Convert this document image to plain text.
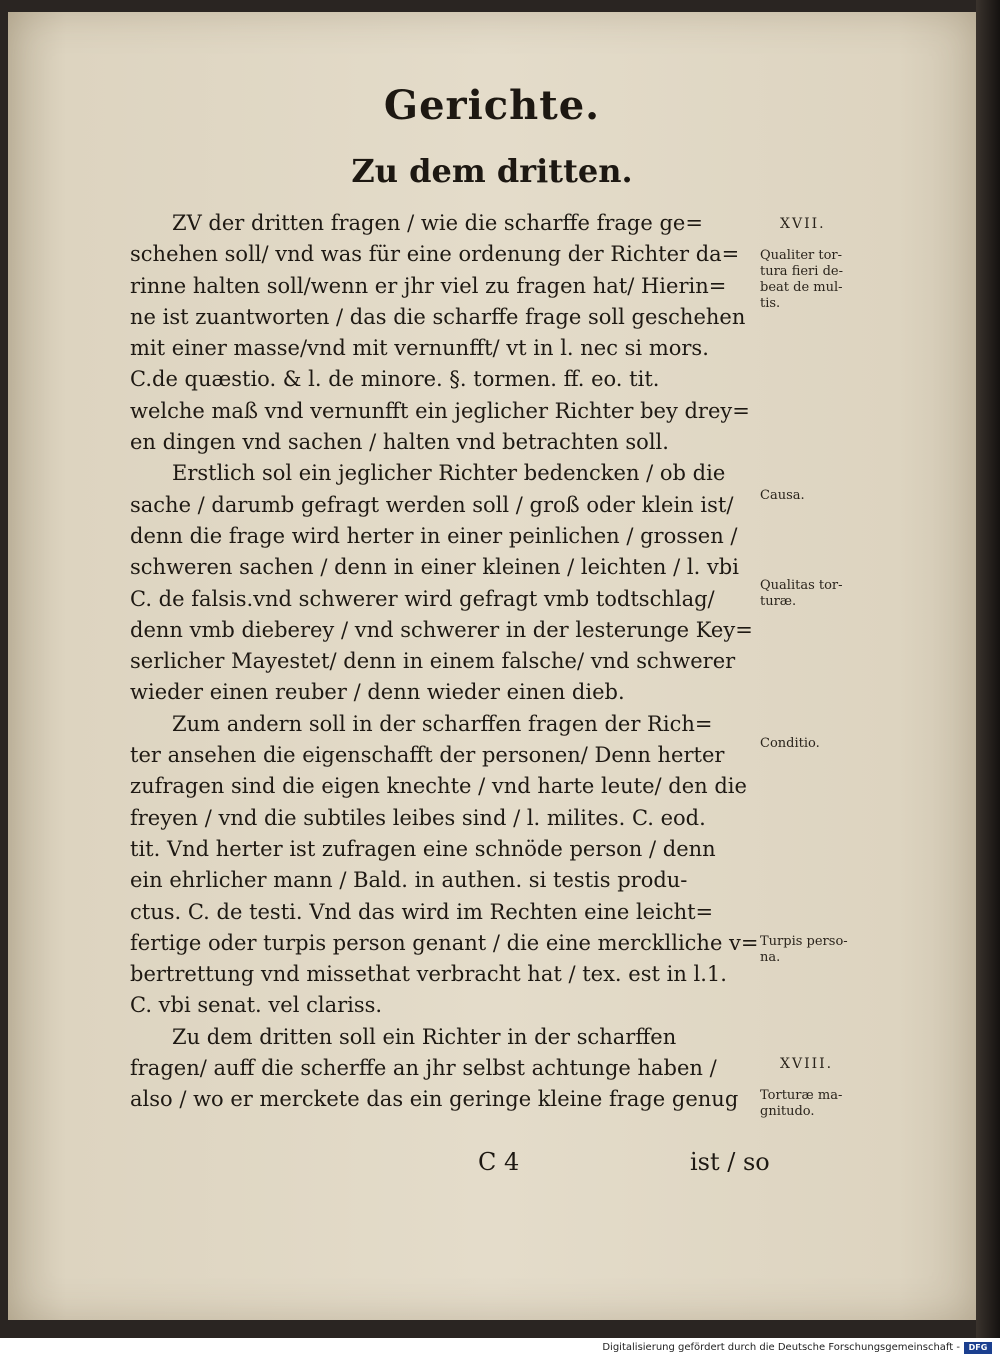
Gerichte.
Zu dem dritten.
ZV der dritten fragen / wie die scharffe frage ge=
schehen soll/ vnd was für eine ordenung der Richter da=
rinne halten soll/wenn er jhr viel zu fragen hat/ Hierin=
ne ist zuantworten / das die scharffe frage soll geschehen
mit einer masse/vnd mit vernunfft/ vt in l. nec si mors.
C.de quæstio. & l. de minore. §. tormen. ff. eo. tit.
welche maß vnd vernunfft ein jeglicher Richter bey drey=
en dingen vnd sachen / halten vnd betrachten soll.
Erstlich sol ein jeglicher Richter bedencken / ob die
sache / darumb gefragt werden soll / groß oder klein ist/
denn die frage wird herter in einer peinlichen / grossen /
schweren sachen / denn in einer kleinen / leichten / l. vbi
C. de falsis.vnd schwerer wird gefragt vmb todtschlag/
denn vmb dieberey / vnd schwerer in der lesterunge Key=
serlicher Mayestet/ denn in einem falsche/ vnd schwerer
wieder einen reuber / denn wieder einen dieb.
Zum andern soll in der scharffen fragen der Rich=
ter ansehen die eigenschafft der personen/ Denn herter
zufragen sind die eigen knechte / vnd harte leute/ den die
freyen / vnd die subtiles leibes sind / l. milites. C. eod.
tit. Vnd herter ist zufragen eine schnöde person / denn
ein ehrlicher mann / Bald. in authen. si testis produ-
ctus. C. de testi. Vnd das wird im Rechten eine leicht=
fertige oder turpis person genant / die eine mercklliche v=
bertrettung vnd missethat verbracht hat / tex. est in l.1.
C. vbi senat. vel clariss.
Zu dem dritten soll ein Richter in der scharffen
fragen/ auff die scherffe an jhr selbst achtunge haben /
also / wo er merckete das ein geringe kleine frage genug

XVII.

Qualiter tor-
tura fieri de-
beat de mul-
tis.

Causa.

Qualitas tor-
turæ.

Conditio.

Turpis perso-
na.

XVIII.

Torturæ ma-
gnitudo.

C 4	ist / so
Digitalisierung gefördert durch die Deutsche Forschungsgemeinschaft -	DFG
